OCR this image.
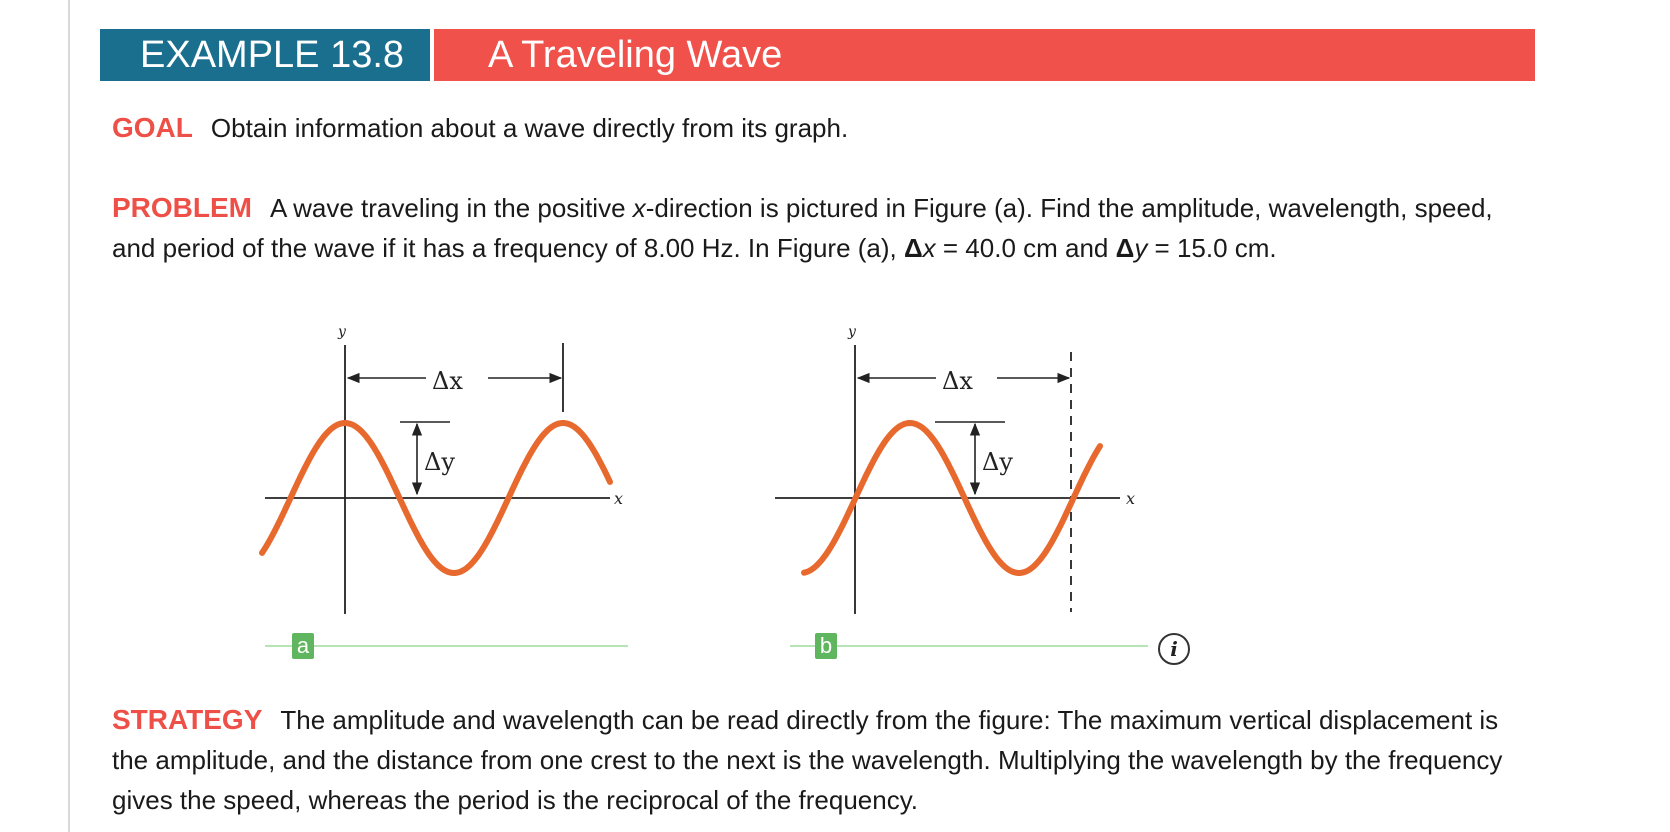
EXAMPLE 13.8	A Traveling Wave
GOAL Obtain information about a wave directly from its graph.
PROBLEM A wave traveling in the positive x-direction is pictured in Figure (a). Find the amplitude, wavelength, speed, and period of the wave if it has a frequency of 8.00 Hz. In Figure (a), Δx = 40.0 cm and Δy = 15.0 cm.
y
x
Δx
Δy
y
x
Δx
Δy
a	b	i
STRATEGY The amplitude and wavelength can be read directly from the figure: The maximum vertical displacement is the amplitude, and the distance from one crest to the next is the wavelength. Multiplying the wavelength by the frequency gives the speed, whereas the period is the reciprocal of the frequency.
